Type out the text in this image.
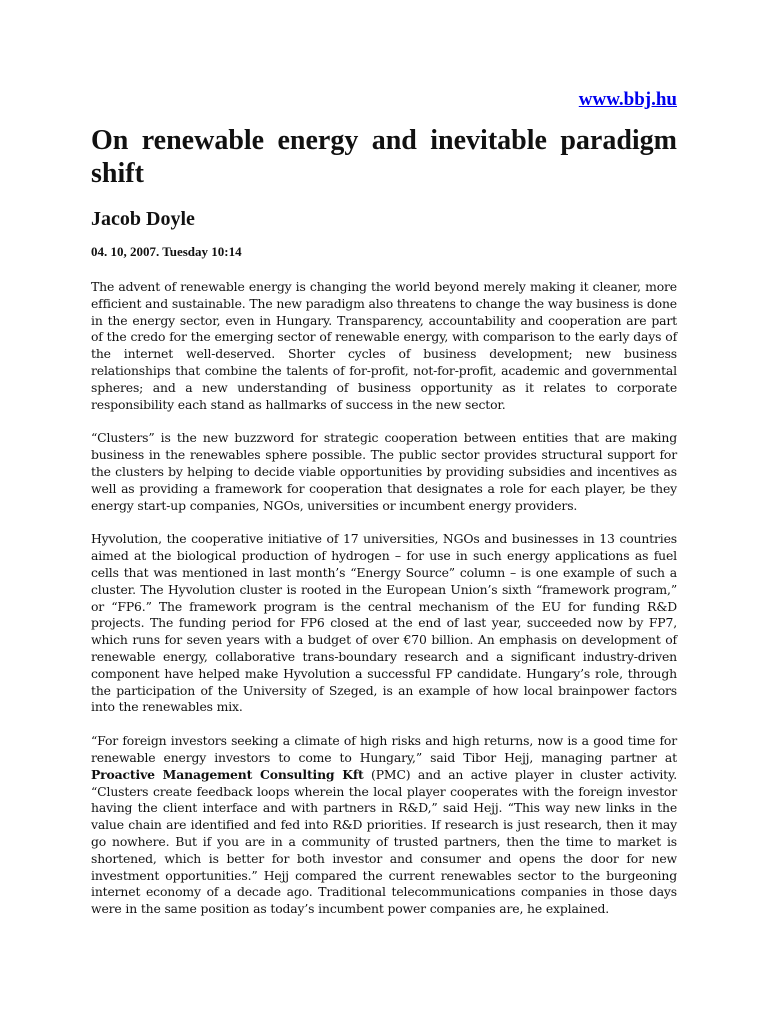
www.bbj.hu
On renewable energy and inevitable paradigm shift
Jacob Doyle
04. 10, 2007. Tuesday 10:14

The advent of renewable energy is changing the world beyond merely making it cleaner, more efficient and sustainable. The new paradigm also threatens to change the way business is done in the energy sector, even in Hungary. Transparency, accountability and cooperation are part of the credo for the emerging sector of renewable energy, with comparison to the early days of the internet well-deserved. Shorter cycles of business development; new business relationships that combine the talents of for-profit, not-for-profit, academic and governmental spheres; and a new understanding of business opportunity as it relates to corporate responsibility each stand as hallmarks of success in the new sector.

“Clusters” is the new buzzword for strategic cooperation between entities that are making business in the renewables sphere possible. The public sector provides structural support for the clusters by helping to decide viable opportunities by providing subsidies and incentives as well as providing a framework for cooperation that designates a role for each player, be they energy start-up companies, NGOs, universities or incumbent energy providers.

Hyvolution, the cooperative initiative of 17 universities, NGOs and businesses in 13 countries aimed at the biological production of hydrogen – for use in such energy applications as fuel cells that was mentioned in last month’s “Energy Source” column – is one example of such a cluster. The Hyvolution cluster is rooted in the European Union’s sixth “framework program,” or “FP6.” The framework program is the central mechanism of the EU for funding R&D projects. The funding period for FP6 closed at the end of last year, succeeded now by FP7, which runs for seven years with a budget of over €70 billion. An emphasis on development of renewable energy, collaborative trans-boundary research and a significant industry-driven component have helped make Hyvolution a successful FP candidate. Hungary’s role, through the participation of the University of Szeged, is an example of how local brainpower factors into the renewables mix.

“For foreign investors seeking a climate of high risks and high returns, now is a good time for renewable energy investors to come to Hungary,” said Tibor Hejj, managing partner at Proactive Management Consulting Kft (PMC) and an active player in cluster activity. “Clusters create feedback loops wherein the local player cooperates with the foreign investor having the client interface and with partners in R&D,” said Hejj. “This way new links in the value chain are identified and fed into R&D priorities. If research is just research, then it may go nowhere. But if you are in a community of trusted partners, then the time to market is shortened, which is better for both investor and consumer and opens the door for new investment opportunities.” Hejj compared the current renewables sector to the burgeoning internet economy of a decade ago. Traditional telecommunications companies in those days were in the same position as today’s incumbent power companies are, he explained.
